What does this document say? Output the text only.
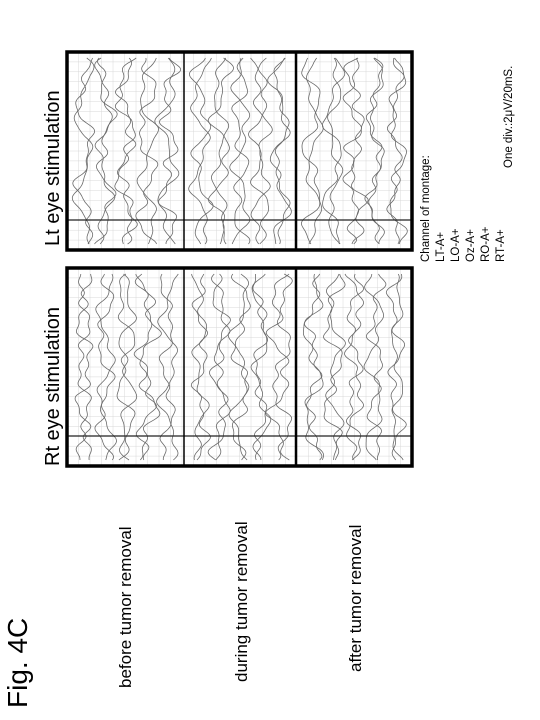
Fig. 4C	before tumor removal	during tumor removal	after tumor removal
Rt eye stimulation
Lt eye stimulation	Channel of montage: LT-A+ LO-A+ Oz-A+ RO-A+ RT-A+
One div.:2μV/20mS.
